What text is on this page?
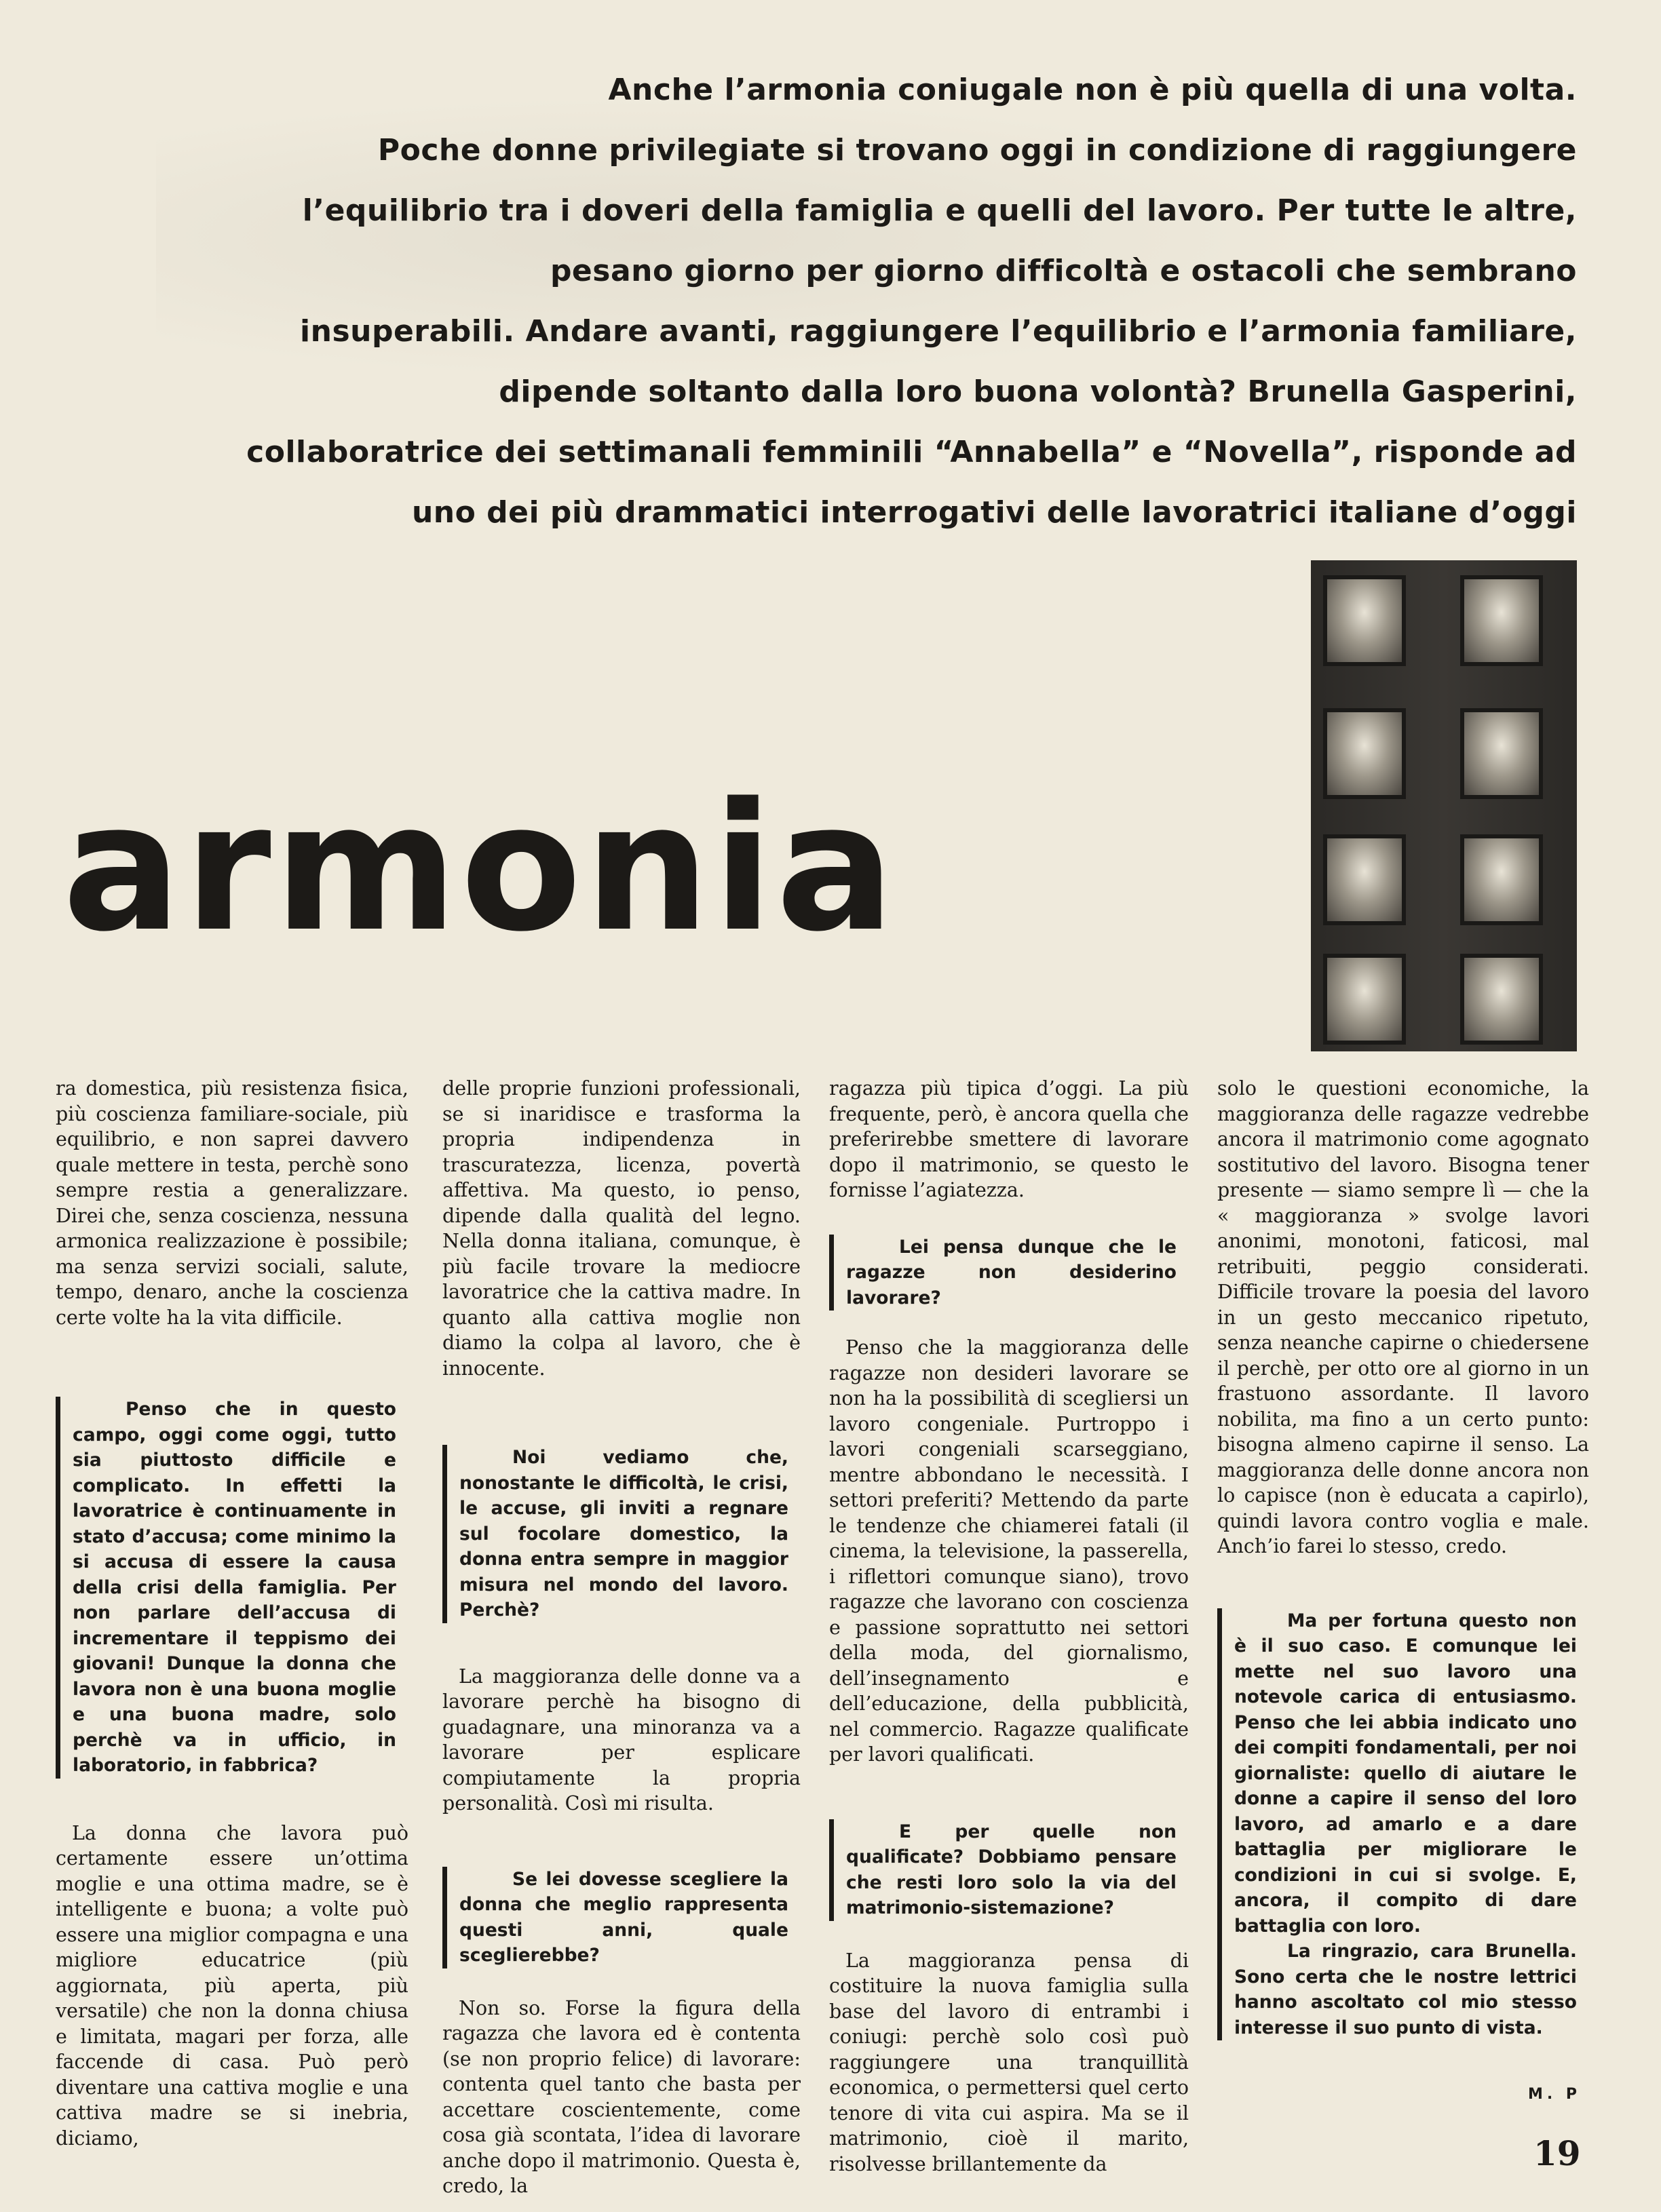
Anche l’armonia coniugale non è più quella di una volta.
Poche donne privilegiate si trovano oggi in condizione di raggiungere
l’equilibrio tra i doveri della famiglia e quelli del lavoro. Per tutte le altre,
pesano giorno per giorno difficoltà e ostacoli che sembrano
insuperabili. Andare avanti, raggiungere l’equilibrio e l’armonia familiare,
dipende soltanto dalla loro buona volontà? Brunella Gasperini,
collaboratrice dei settimanali femminili “Annabella” e “Novella”, risponde ad
uno dei più drammatici interrogativi delle lavoratrici italiane d’oggi
armonia

ra domestica, più resistenza fisica, più coscienza familiare-sociale, più equilibrio, e non saprei davvero quale mettere in testa, perchè sono sempre restia a generalizzare. Direi che, senza coscienza, nessuna armonica realizzazione è possibile; ma senza servizi sociali, salute, tempo, denaro, anche la coscienza certe volte ha la vita difficile.

Penso che in questo campo, oggi come oggi, tutto sia piuttosto difficile e complicato. In effetti la lavoratrice è continuamente in stato d’accusa; come minimo la si accusa di essere la causa della crisi della famiglia. Per non parlare dell’accusa di incrementare il teppismo dei giovani! Dunque la donna che lavora non è una buona moglie e una buona madre, solo perchè va in ufficio, in laboratorio, in fabbrica?

La donna che lavora può certamente essere un’ottima moglie e una ottima madre, se è intelligente e buona; a volte può essere una miglior compagna e una migliore educatrice (più aggiornata, più aperta, più versatile) che non la donna chiusa e limitata, magari per forza, alle faccende di casa. Può però diventare una cattiva moglie e una cattiva madre se si inebria, diciamo,

delle proprie funzioni professionali, se si inaridisce e trasforma la propria indipendenza in trascuratezza, licenza, povertà affettiva. Ma questo, io penso, dipende dalla qualità del legno. Nella donna italiana, comunque, è più facile trovare la mediocre lavoratrice che la cattiva madre. In quanto alla cattiva moglie non diamo la colpa al lavoro, che è innocente.

Noi vediamo che, nonostante le difficoltà, le crisi, le accuse, gli inviti a regnare sul focolare domestico, la donna entra sempre in maggior misura nel mondo del lavoro. Perchè?

La maggioranza delle donne va a lavorare perchè ha bisogno di guadagnare, una minoranza va a lavorare per esplicare compiutamente la propria personalità. Così mi risulta.

Se lei dovesse scegliere la donna che meglio rappresenta questi anni, quale sceglierebbe?

Non so. Forse la figura della ragazza che lavora ed è contenta (se non proprio felice) di lavorare: contenta quel tanto che basta per accettare coscientemente, come cosa già scontata, l’idea di lavorare anche dopo il matrimonio. Questa è, credo, la

ragazza più tipica d’oggi. La più frequente, però, è ancora quella che preferirebbe smettere di lavorare dopo il matrimonio, se questo le fornisse l’agiatezza.

Lei pensa dunque che le ragazze non desiderino lavorare?

Penso che la maggioranza delle ragazze non desideri lavorare se non ha la possibilità di scegliersi un lavoro congeniale. Purtroppo i lavori congeniali scarseggiano, mentre abbondano le necessità. I settori preferiti? Mettendo da parte le tendenze che chiamerei fatali (il cinema, la televisione, la passerella, i riflettori comunque siano), trovo ragazze che lavorano con coscienza e passione soprattutto nei settori della moda, del giornalismo, dell’insegnamento e dell’educazione, della pubblicità, nel commercio. Ragazze qualificate per lavori qualificati.

E per quelle non qualificate? Dobbiamo pensare che resti loro solo la via del matrimonio-sistemazione?

La maggioranza pensa di costituire la nuova famiglia sulla base del lavoro di entrambi i coniugi: perchè solo così può raggiungere una tranquillità economica, o permettersi quel certo tenore di vita cui aspira. Ma se il matrimonio, cioè il marito, risolvesse brillantemente da

solo le questioni economiche, la maggioranza delle ragazze vedrebbe ancora il matrimonio come agognato sostitutivo del lavoro. Bisogna tener presente — siamo sempre lì — che la « maggioranza » svolge lavori anonimi, monotoni, faticosi, mal retribuiti, peggio considerati. Difficile trovare la poesia del lavoro in un gesto meccanico ripetuto, senza neanche capirne o chiedersene il perchè, per otto ore al giorno in un frastuono assordante. Il lavoro nobilita, ma fino a un certo punto: bisogna almeno capirne il senso. La maggioranza delle donne ancora non lo capisce (non è educata a capirlo), quindi lavora contro voglia e male. Anch’io farei lo stesso, credo.

Ma per fortuna questo non è il suo caso. E comunque lei mette nel suo lavoro una notevole carica di entusiasmo. Penso che lei abbia indicato uno dei compiti fondamentali, per noi giornaliste: quello di aiutare le donne a capire il senso del loro lavoro, ad amarlo e a dare battaglia per migliorare le condizioni in cui si svolge. E, ancora, il compito di dare battaglia con loro.
La ringrazio, cara Brunella. Sono certa che le nostre lettrici hanno ascoltato col mio stesso interesse il suo punto di vista.
M. P
19
